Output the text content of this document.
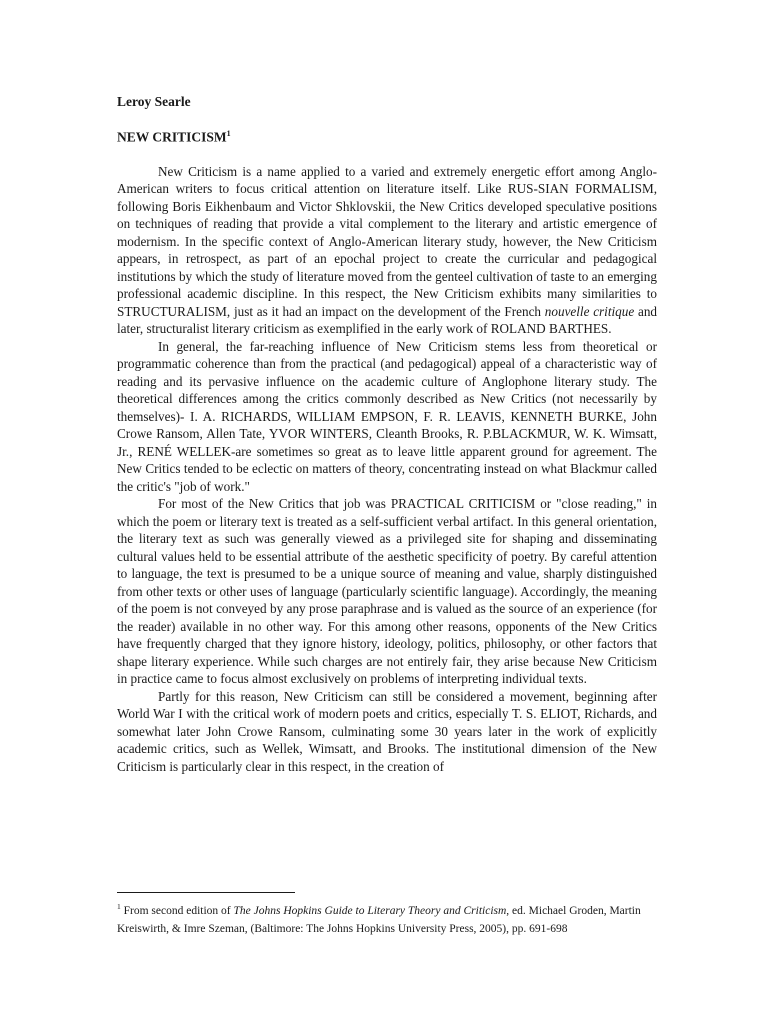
Leroy Searle

NEW CRITICISM$^1$

New Criticism is a name applied to a varied and extremely energetic effort among Anglo-American writers to focus critical attention on literature itself. Like RUS-SIAN FORMALISM, following Boris Eikhenbaum and Victor Shklovskii, the New Critics developed speculative positions on techniques of reading that provide a vital complement to the literary and artistic emergence of modernism. In the specific context of Anglo-American literary study, however, the New Criticism appears, in retrospect, as part of an epochal project to create the curricular and pedagogical institutions by which the study of literature moved from the genteel cultivation of taste to an emerging professional academic discipline. In this respect, the New Criticism exhibits many similarities to STRUCTURALISM, just as it had an impact on the development of the French nouvelle critique and later, structuralist literary criticism as exemplified in the early work of ROLAND BARTHES.

In general, the far-reaching influence of New Criticism stems less from theoretical or programmatic coherence than from the practical (and pedagogical) appeal of a characteristic way of reading and its pervasive influence on the academic culture of Anglophone literary study. The theoretical differences among the critics commonly described as New Critics (not necessarily by themselves)- I. A. RICHARDS, WILLIAM EMPSON, F. R. LEAVIS, KENNETH BURKE, John Crowe Ransom, Allen Tate, YVOR WINTERS, Cleanth Brooks, R. P.BLACKMUR, W. K. Wimsatt, Jr., RENÉ WELLEK-are sometimes so great as to leave little apparent ground for agreement. The New Critics tended to be eclectic on matters of theory, concentrating instead on what Blackmur called the critic's "job of work."

For most of the New Critics that job was PRACTICAL CRITICISM or "close reading," in which the poem or literary text is treated as a self-sufficient verbal artifact. In this general orientation, the literary text as such was generally viewed as a privileged site for shaping and disseminating cultural values held to be essential attribute of the aesthetic specificity of poetry. By careful attention to language, the text is presumed to be a unique source of meaning and value, sharply distinguished from other texts or other uses of language (particularly scientific language). Accordingly, the meaning of the poem is not conveyed by any prose paraphrase and is valued as the source of an experience (for the reader) available in no other way. For this among other reasons, opponents of the New Critics have frequently charged that they ignore history, ideology, politics, philosophy, or other factors that shape literary experience. While such charges are not entirely fair, they arise because New Criticism in practice came to focus almost exclusively on problems of interpreting individual texts.

Partly for this reason, New Criticism can still be considered a movement, beginning after World War I with the critical work of modern poets and critics, especially T. S. ELIOT, Richards, and somewhat later John Crowe Ransom, culminating some 30 years later in the work of explicitly academic critics, such as Wellek, Wimsatt, and Brooks. The institutional dimension of the New Criticism is particularly clear in this respect, in the creation of

$^1$ From second edition of The Johns Hopkins Guide to Literary Theory and Criticism, ed. Michael Groden, Martin Kreiswirth, & Imre Szeman, (Baltimore: The Johns Hopkins University Press, 2005), pp. 691-698
